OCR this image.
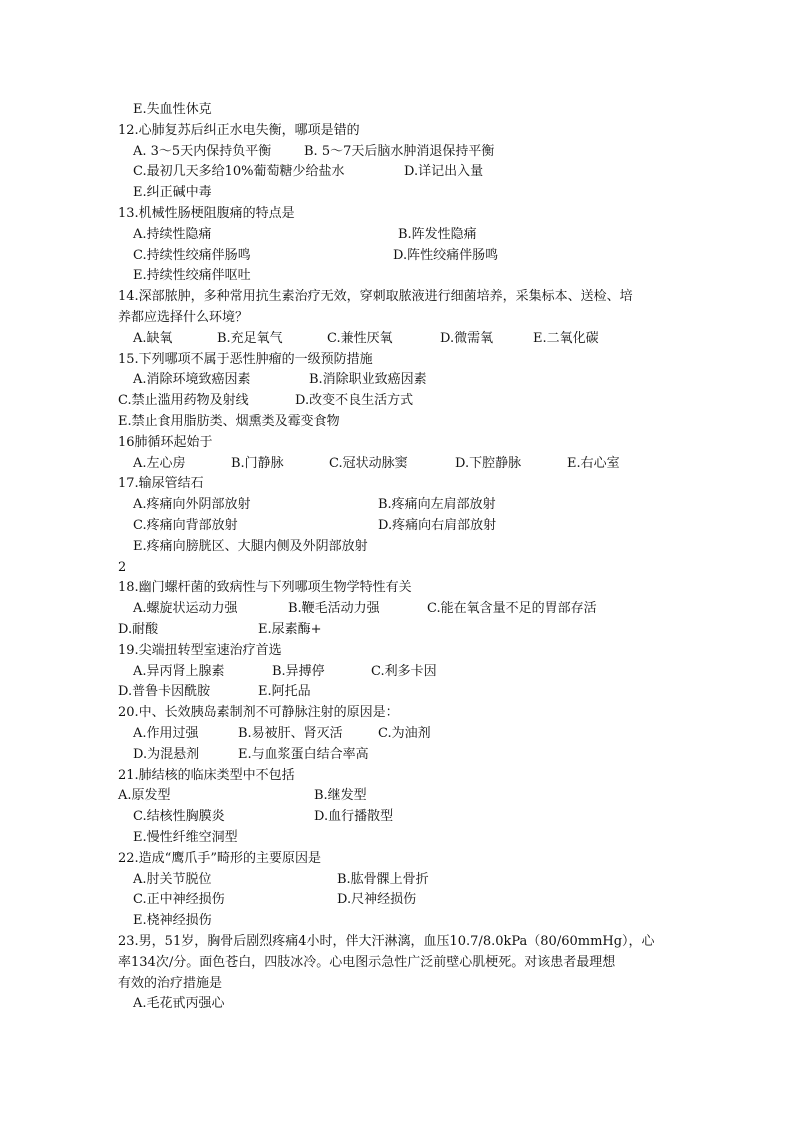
E.失血性休克
12.心肺复苏后纠正水电失衡，哪项是错的
A. 3～5天内保持负平衡	B. 5～7天后脑水肿消退保持平衡
C.最初几天多给10%葡萄糖少给盐水	D.详记出入量
E.纠正碱中毒
13.机械性肠梗阻腹痛的特点是
A.持续性隐痛	B.阵发性隐痛
C.持续性绞痛伴肠鸣	D.阵性绞痛伴肠鸣
E.持续性绞痛伴呕吐
14.深部脓肿，多种常用抗生素治疗无效，穿刺取脓液进行细菌培养，采集标本、送检、培
养都应选择什么环境？
A.缺氧	B.充足氧气	C.兼性厌氧	D.微需氧	E.二氧化碳
15.下列哪项不属于恶性肿瘤的一级预防措施
A.消除环境致癌因素	B.消除职业致癌因素
C.禁止滥用药物及射线	D.改变不良生活方式
E.禁止食用脂肪类、烟熏类及霉变食物
16肺循环起始于
A.左心房	B.门静脉	C.冠状动脉窦	D.下腔静脉	E.右心室
17.输尿管结石
A.疼痛向外阴部放射	B.疼痛向左肩部放射
C.疼痛向背部放射	D.疼痛向右肩部放射
E.疼痛向膀胱区、大腿内侧及外阴部放射
2
18.幽门螺杆菌的致病性与下列哪项生物学特性有关
A.螺旋状运动力强	B.鞭毛活动力强	C.能在氧含量不足的胃部存活
D.耐酸	E.尿素酶+
19.尖端扭转型室速治疗首选
A.异丙肾上腺素	B.异搏停	C.利多卡因
D.普鲁卡因酰胺	E.阿托品
20.中、长效胰岛素制剂不可静脉注射的原因是：
A.作用过强	B.易被肝、肾灭活	C.为油剂
D.为混悬剂	E.与血浆蛋白结合率高
21.肺结核的临床类型中不包括
A.原发型	B.继发型
C.结核性胸膜炎	D.血行播散型
E.慢性纤维空洞型
22.造成“鹰爪手”畸形的主要原因是
A.肘关节脱位	B.肱骨髁上骨折
C.正中神经损伤	D.尺神经损伤
E.桡神经损伤
23.男，51岁，胸骨后剧烈疼痛4小时，伴大汗淋漓，血压10.7/8.0kPa（80/60mmHg），心
率134次/分。面色苍白，四肢冰冷。心电图示急性广泛前壁心肌梗死。对该患者最理想
有效的治疗措施是
A.毛花甙丙强心
